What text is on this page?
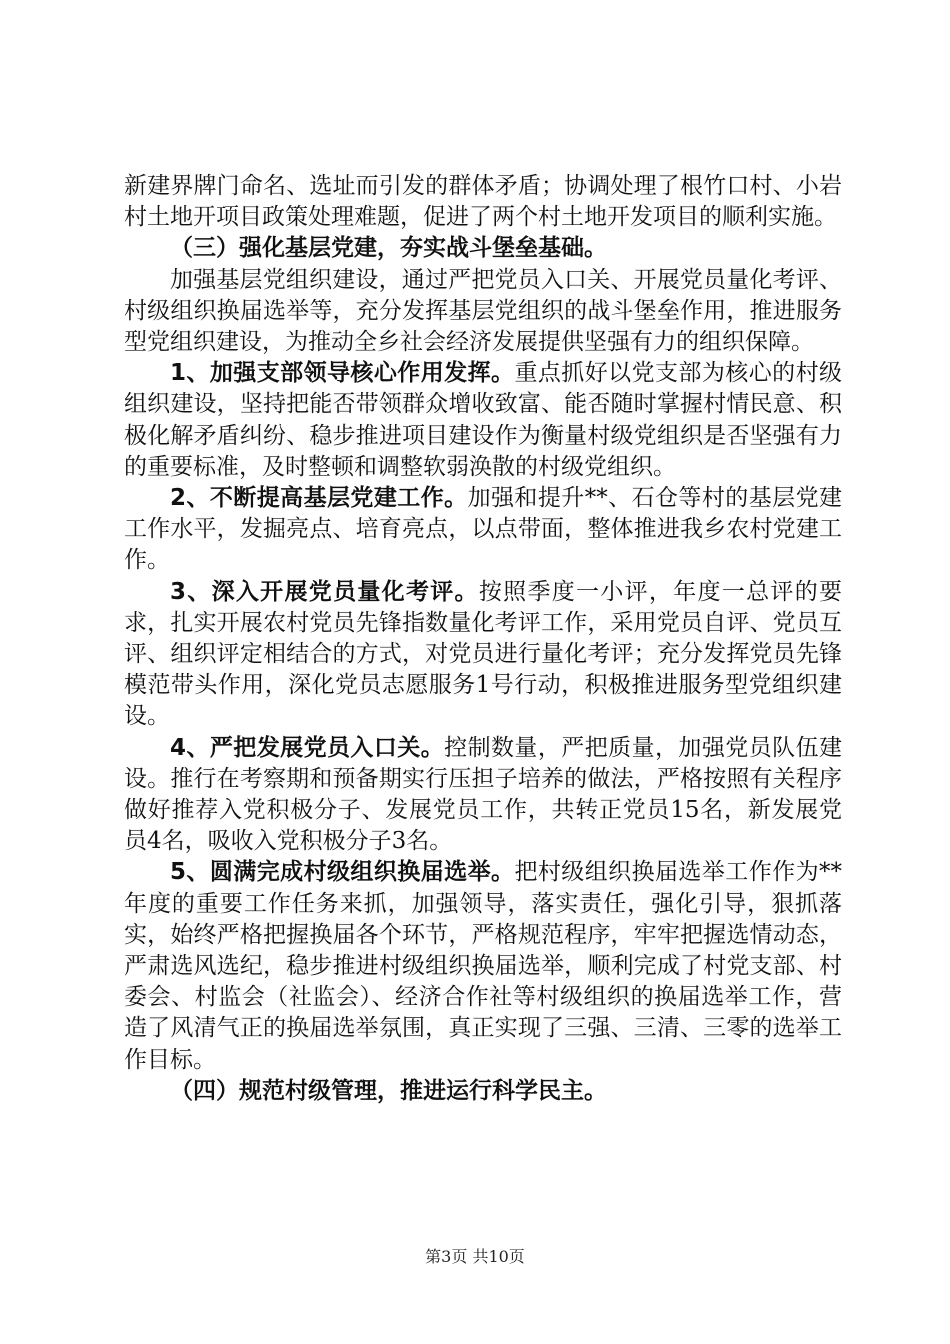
新建界牌门命名、选址而引发的群体矛盾；协调处理了根竹口村、小岩村土地开项目政策处理难题，促进了两个村土地开发项目的顺利实施。

（三）强化基层党建，夯实战斗堡垒基础。

加强基层党组织建设，通过严把党员入口关、开展党员量化考评、村级组织换届选举等，充分发挥基层党组织的战斗堡垒作用，推进服务型党组织建设，为推动全乡社会经济发展提供坚强有力的组织保障。

1、加强支部领导核心作用发挥。重点抓好以党支部为核心的村级组织建设，坚持把能否带领群众增收致富、能否随时掌握村情民意、积极化解矛盾纠纷、稳步推进项目建设作为衡量村级党组织是否坚强有力的重要标准，及时整顿和调整软弱涣散的村级党组织。

2、不断提高基层党建工作。加强和提升**、石仓等村的基层党建工作水平，发掘亮点、培育亮点，以点带面，整体推进我乡农村党建工作。

3、深入开展党员量化考评。按照季度一小评，年度一总评的要求，扎实开展农村党员先锋指数量化考评工作，采用党员自评、党员互评、组织评定相结合的方式，对党员进行量化考评；充分发挥党员先锋模范带头作用，深化党员志愿服务1号行动，积极推进服务型党组织建设。

4、严把发展党员入口关。控制数量，严把质量，加强党员队伍建设。推行在考察期和预备期实行压担子培养的做法，严格按照有关程序做好推荐入党积极分子、发展党员工作，共转正党员15名，新发展党员4名，吸收入党积极分子3名。

5、圆满完成村级组织换届选举。把村级组织换届选举工作作为**年度的重要工作任务来抓，加强领导，落实责任，强化引导，狠抓落实，始终严格把握换届各个环节，严格规范程序，牢牢把握选情动态，严肃选风选纪，稳步推进村级组织换届选举，顺利完成了村党支部、村委会、村监会（社监会）、经济合作社等村级组织的换届选举工作，营造了风清气正的换届选举氛围，真正实现了三强、三清、三零的选举工作目标。

（四）规范村级管理，推进运行科学民主。

第3页 共10页
